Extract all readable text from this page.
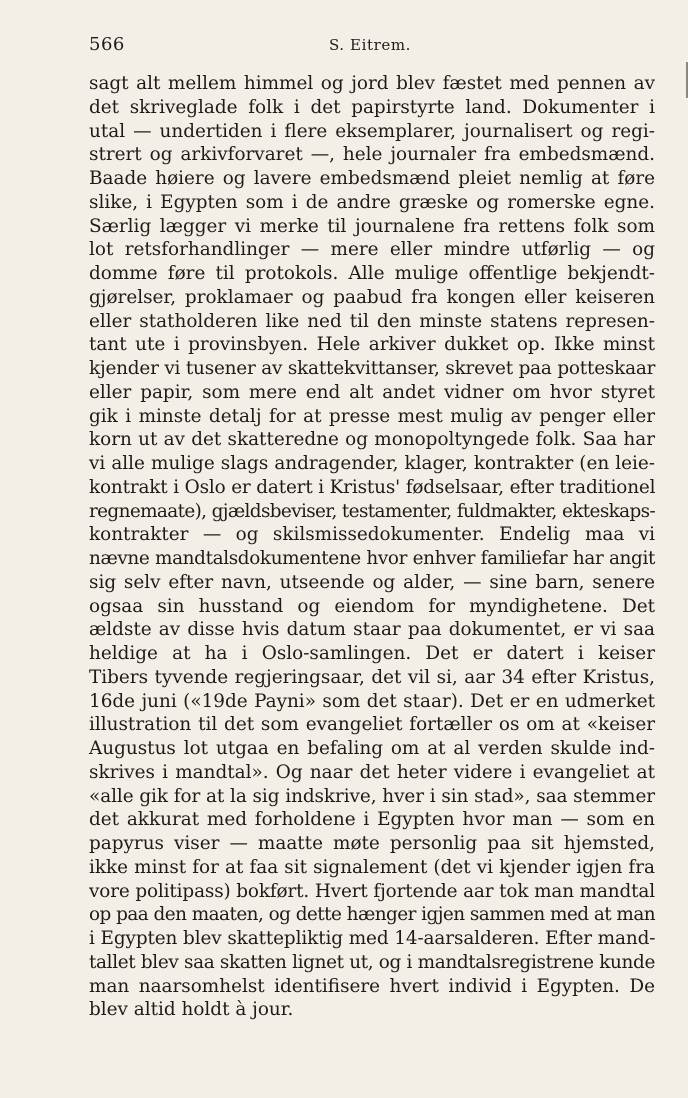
566	S. Eitrem.
sagt alt mellem himmel og jord blev fæstet med pennen av
det skriveglade folk i det papirstyrte land. Dokumenter i
utal — undertiden i flere eksemplarer, journalisert og regi-
strert og arkivforvaret —, hele journaler fra embedsmænd.
Baade høiere og lavere embedsmænd pleiet nemlig at føre
slike, i Egypten som i de andre græske og romerske egne.
Særlig lægger vi merke til journalene fra rettens folk som
lot retsforhandlinger — mere eller mindre utførlig — og
domme føre til protokols. Alle mulige offentlige bekjendt-
gjørelser, proklamaer og paabud fra kongen eller keiseren
eller statholderen like ned til den minste statens represen-
tant ute i provinsbyen. Hele arkiver dukket op. Ikke minst
kjender vi tusener av skattekvittanser, skrevet paa potteskaar
eller papir, som mere end alt andet vidner om hvor styret
gik i minste detalj for at presse mest mulig av penger eller
korn ut av det skatteredne og monopoltyngede folk. Saa har
vi alle mulige slags andragender, klager, kontrakter (en leie-
kontrakt i Oslo er datert i Kristus' fødselsaar, efter traditionel
regnemaate), gjældsbeviser, testamenter, fuldmakter, ekteskaps-
kontrakter — og skilsmissedokumenter. Endelig maa vi
nævne mandtalsdokumentene hvor enhver familiefar har angit
sig selv efter navn, utseende og alder, — sine barn, senere
ogsaa sin husstand og eiendom for myndighetene. Det
ældste av disse hvis datum staar paa dokumentet, er vi saa
heldige at ha i Oslo-samlingen. Det er datert i keiser
Tibers tyvende regjeringsaar, det vil si, aar 34 efter Kristus,
16de juni («19de Payni» som det staar). Det er en udmerket
illustration til det som evangeliet fortæller os om at «keiser
Augustus lot utgaa en befaling om at al verden skulde ind-
skrives i mandtal». Og naar det heter videre i evangeliet at
«alle gik for at la sig indskrive, hver i sin stad», saa stemmer
det akkurat med forholdene i Egypten hvor man — som en
papyrus viser — maatte møte personlig paa sit hjemsted,
ikke minst for at faa sit signalement (det vi kjender igjen fra
vore politipass) bokført. Hvert fjortende aar tok man mandtal
op paa den maaten, og dette hænger igjen sammen med at man
i Egypten blev skattepliktig med 14-aarsalderen. Efter mand-
tallet blev saa skatten lignet ut, og i mandtalsregistrene kunde
man naarsomhelst identifisere hvert individ i Egypten. De
blev altid holdt à jour.
